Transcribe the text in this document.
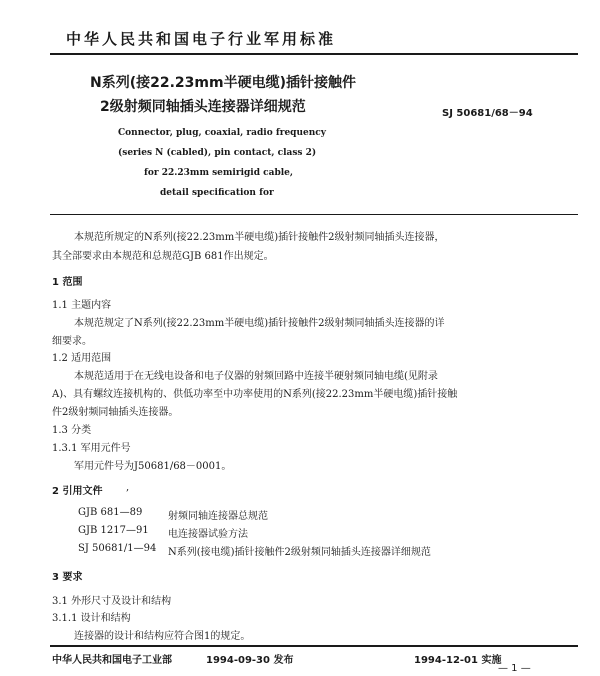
中华人民共和国电子行业军用标准
N系列(接22.23mm半硬电缆)插针接触件
2级射频同轴插头连接器详细规范	SJ 50681/68－94
Connector, plug, coaxial, radio frequency
(series N (cabled), pin contact, class 2)
for 22.23mm semirigid cable,
detail specification for
本规范所规定的N系列(接22.23mm半硬电缆)插针接触件2级射频同轴插头连接器，
其全部要求由本规范和总规范GJB 681作出规定。
1 范围
1.1 主题内容
本规范规定了N系列(接22.23mm半硬电缆)插针接触件2级射频同轴插头连接器的详
细要求。
1.2 适用范围
本规范适用于在无线电设备和电子仪器的射频回路中连接半硬射频同轴电缆(见附录
A)、具有螺纹连接机构的、供低功率至中功率使用的N系列(接22.23mm半硬电缆)插针接触
件2级射频同轴插头连接器。
1.3 分类
1.3.1 军用元件号
军用元件号为J50681/68－0001。
2 引用文件 ,
GJB 681—89	射频同轴连接器总规范
GJB 1217—91 电连接器试验方法
SJ 50681/1—94 N系列(接电缆)插针接触件2级射频同轴插头连接器详细规范
3 要求
3.1 外形尺寸及设计和结构
3.1.1 设计和结构
连接器的设计和结构应符合图1的规定。
中华人民共和国电子工业部	1994-09-30 发布	1994-12-01 实施
— 1 —
